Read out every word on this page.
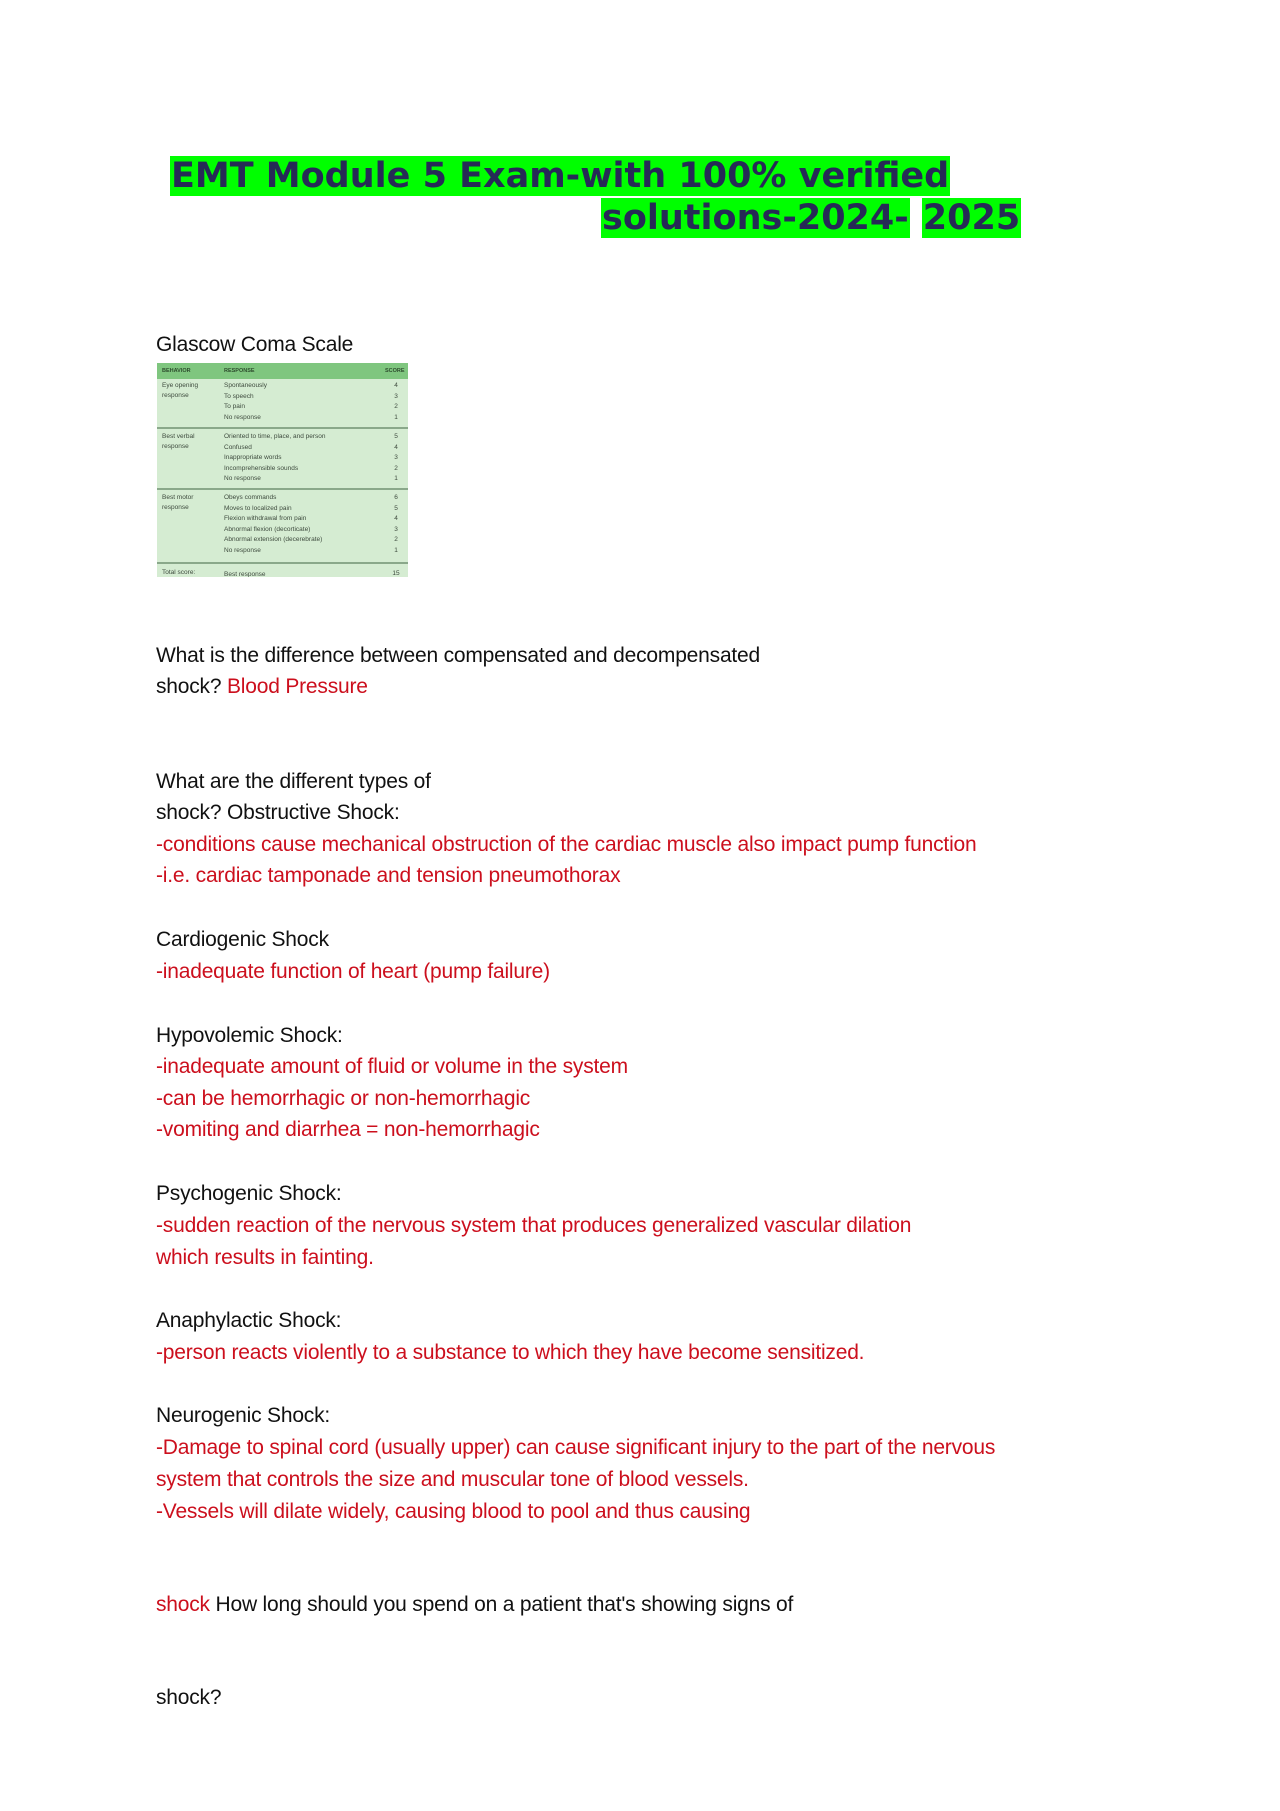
EMT Module 5 Exam-with 100% verified
solutions-2024- 2025
Glascow Coma Scale
BEHAVIOR	RESPONSE	SCORE
Eye opening response
Spontaneously	4
To speech	3
To pain	2
No response	1
Best verbal response
Oriented to time, place, and person	5
Confused	4
Inappropriate words	3
Incomprehensible sounds	2
No response	1
Best motor response
Obeys commands	6
Moves to localized pain	5
Flexion withdrawal from pain	4
Abnormal flexion (decorticate)	3
Abnormal extension (decerebrate)	2
No response	1
Total score:	Best response	15
What is the difference between compensated and decompensated
shock? Blood Pressure
What are the different types of
shock? Obstructive Shock:
-conditions cause mechanical obstruction of the cardiac muscle also impact pump function
-i.e. cardiac tamponade and tension pneumothorax
Cardiogenic Shock
-inadequate function of heart (pump failure)
Hypovolemic Shock:
-inadequate amount of fluid or volume in the system
-can be hemorrhagic or non-hemorrhagic
-vomiting and diarrhea = non-hemorrhagic
Psychogenic Shock:
-sudden reaction of the nervous system that produces generalized vascular dilation
which results in fainting.
Anaphylactic Shock:
-person reacts violently to a substance to which they have become sensitized.
Neurogenic Shock:
-Damage to spinal cord (usually upper) can cause significant injury to the part of the nervous
system that controls the size and muscular tone of blood vessels.
-Vessels will dilate widely, causing blood to pool and thus causing
shock How long should you spend on a patient that's showing signs of
shock?
